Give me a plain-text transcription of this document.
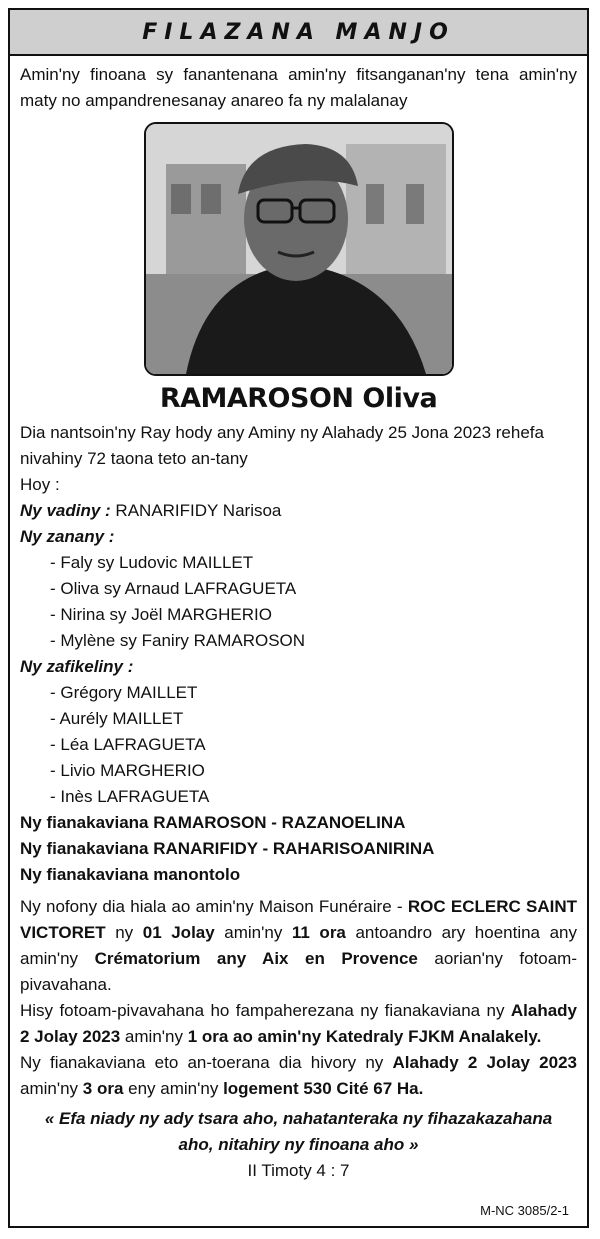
FILAZANA MANJO

Amin'ny finoana sy fanantenana amin'ny fitsanganan'ny tena amin'ny maty no ampandrenesanay anareo fa ny malalanay

RAMAROSON Oliva

Dia nantsoin'ny Ray hody any Aminy ny Alahady 25 Jona 2023 rehefa nivahiny 72 taona teto an-tany

Hoy :

Ny vadiny : RANARIFIDY Narisoa

Ny zanany :

- Faly sy Ludovic MAILLET
- Oliva sy Arnaud LAFRAGUETA
- Nirina sy Joël MARGHERIO
- Mylène sy Faniry RAMAROSON

Ny zafikeliny :

- Grégory MAILLET
- Aurély MAILLET
- Léa LAFRAGUETA
- Livio MARGHERIO
- Inès LAFRAGUETA

Ny fianakaviana RAMAROSON - RAZANOELINA

Ny fianakaviana RANARIFIDY - RAHARISOANIRINA

Ny fianakaviana manontolo

Ny nofony dia hiala ao amin'ny Maison Funéraire - ROC ECLERC SAINT VICTORET ny 01 Jolay amin'ny 11 ora antoandro ary hoentina any amin'ny Crématorium any Aix en Provence aorian'ny fotoam-pivavahana.

Hisy fotoam-pivavahana ho fampaherezana ny fianakaviana ny Alahady 2 Jolay 2023 amin'ny 1 ora ao amin'ny Katedraly FJKM Analakely.

Ny fianakaviana eto an-toerana dia hivory ny Alahady 2 Jolay 2023 amin'ny 3 ora eny amin'ny logement 530 Cité 67 Ha.

« Efa niady ny ady tsara aho, nahatanteraka ny fihazakazahana
aho, nitahiry ny finoana aho »
II Timoty 4 : 7
M-NC 3085/2-1
